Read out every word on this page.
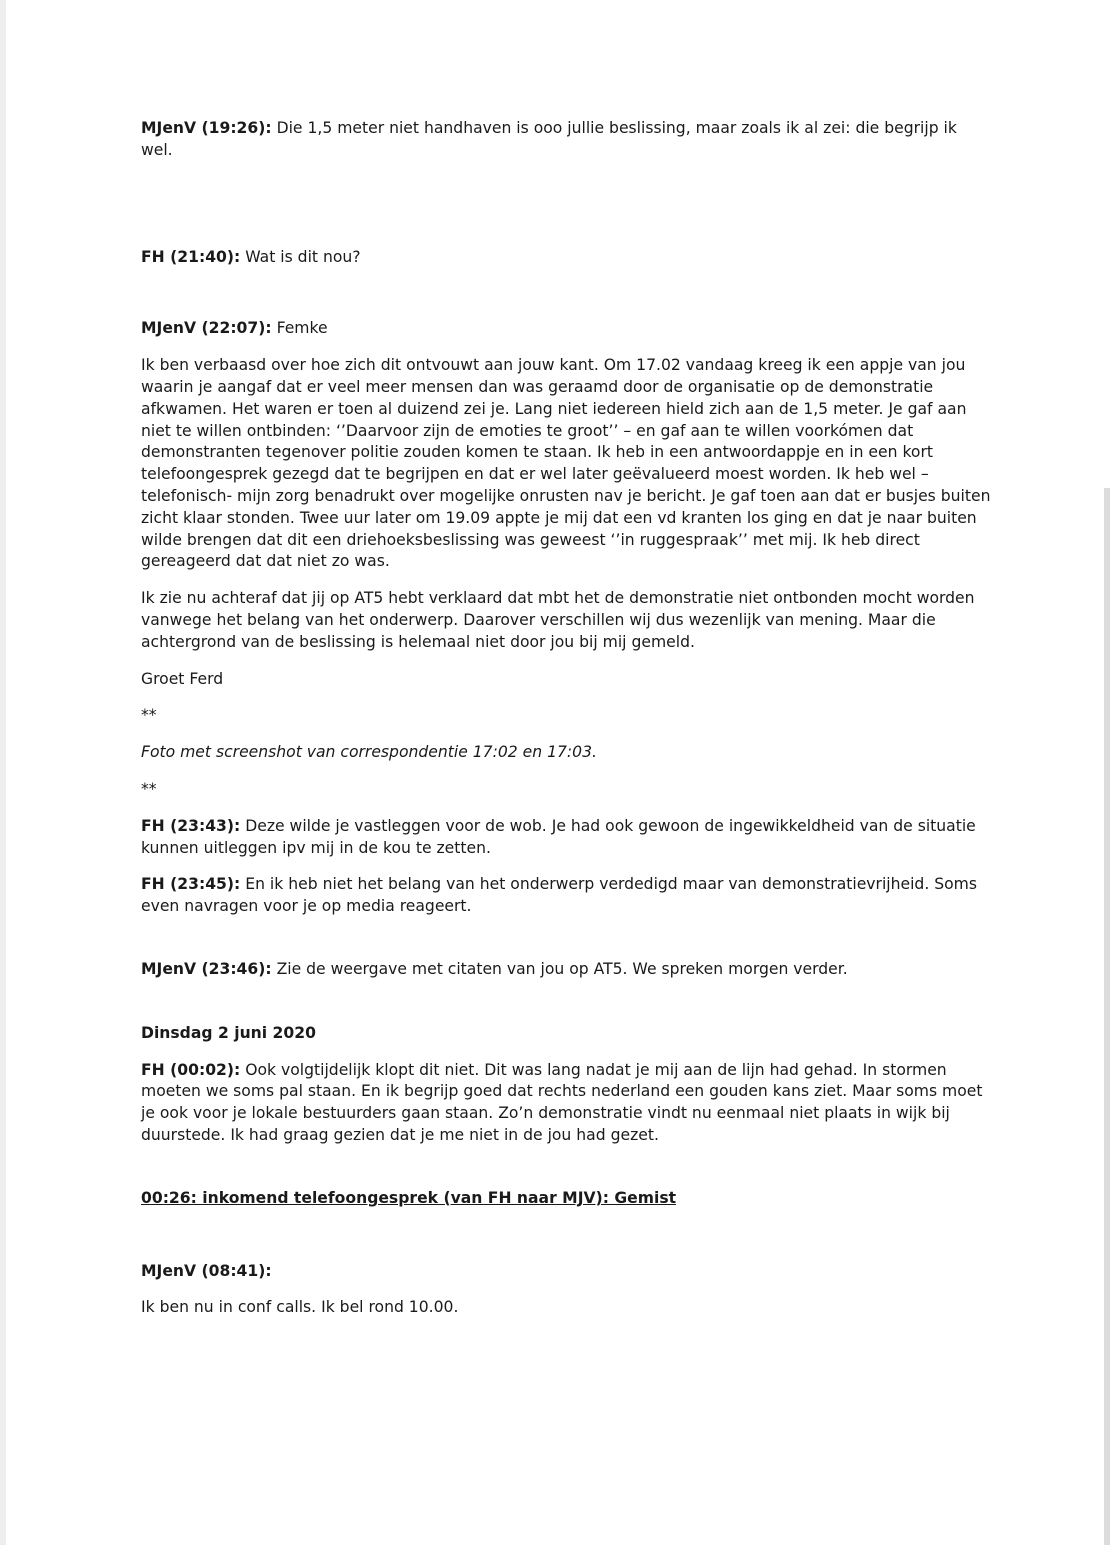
MJenV (19:26): Die 1,5 meter niet handhaven is ooo jullie beslissing, maar zoals ik al zei: die begrijp ik wel.

FH (21:40): Wat is dit nou?

MJenV (22:07): Femke

Ik ben verbaasd over hoe zich dit ontvouwt aan jouw kant. Om 17.02 vandaag kreeg ik een appje van jou waarin je aangaf dat er veel meer mensen dan was geraamd door de organisatie op de demonstratie afkwamen. Het waren er toen al duizend zei je. Lang niet iedereen hield zich aan de 1,5 meter. Je gaf aan niet te willen ontbinden: ‘’Daarvoor zijn de emoties te groot’’ – en gaf aan te willen voorkómen dat demonstranten tegenover politie zouden komen te staan. Ik heb in een antwoordappje en in een kort telefoongesprek gezegd dat te begrijpen en dat er wel later geëvalueerd moest worden. Ik heb wel –telefonisch- mijn zorg benadrukt over mogelijke onrusten nav je bericht. Je gaf toen aan dat er busjes buiten zicht klaar stonden. Twee uur later om 19.09 appte je mij dat een vd kranten los ging en dat je naar buiten wilde brengen dat dit een driehoeksbeslissing was geweest ‘’in ruggespraak’’ met mij. Ik heb direct gereageerd dat dat niet zo was.

Ik zie nu achteraf dat jij op AT5 hebt verklaard dat mbt het de demonstratie niet ontbonden mocht worden vanwege het belang van het onderwerp. Daarover verschillen wij dus wezenlijk van mening. Maar die achtergrond van de beslissing is helemaal niet door jou bij mij gemeld.

Groet Ferd

**

Foto met screenshot van correspondentie 17:02 en 17:03.

**

FH (23:43): Deze wilde je vastleggen voor de wob. Je had ook gewoon de ingewikkeldheid van de situatie kunnen uitleggen ipv mij in de kou te zetten.

FH (23:45): En ik heb niet het belang van het onderwerp verdedigd maar van demonstratievrijheid. Soms even navragen voor je op media reageert.

MJenV (23:46): Zie de weergave met citaten van jou op AT5. We spreken morgen verder.

Dinsdag 2 juni 2020

FH (00:02): Ook volgtijdelijk klopt dit niet. Dit was lang nadat je mij aan de lijn had gehad. In stormen moeten we soms pal staan. En ik begrijp goed dat rechts nederland een gouden kans ziet. Maar soms moet je ook voor je lokale bestuurders gaan staan. Zo’n demonstratie vindt nu eenmaal niet plaats in wijk bij duurstede. Ik had graag gezien dat je me niet in de jou had gezet.

00:26: inkomend telefoongesprek (van FH naar MJV): Gemist

MJenV (08:41):

Ik ben nu in conf calls. Ik bel rond 10.00.
